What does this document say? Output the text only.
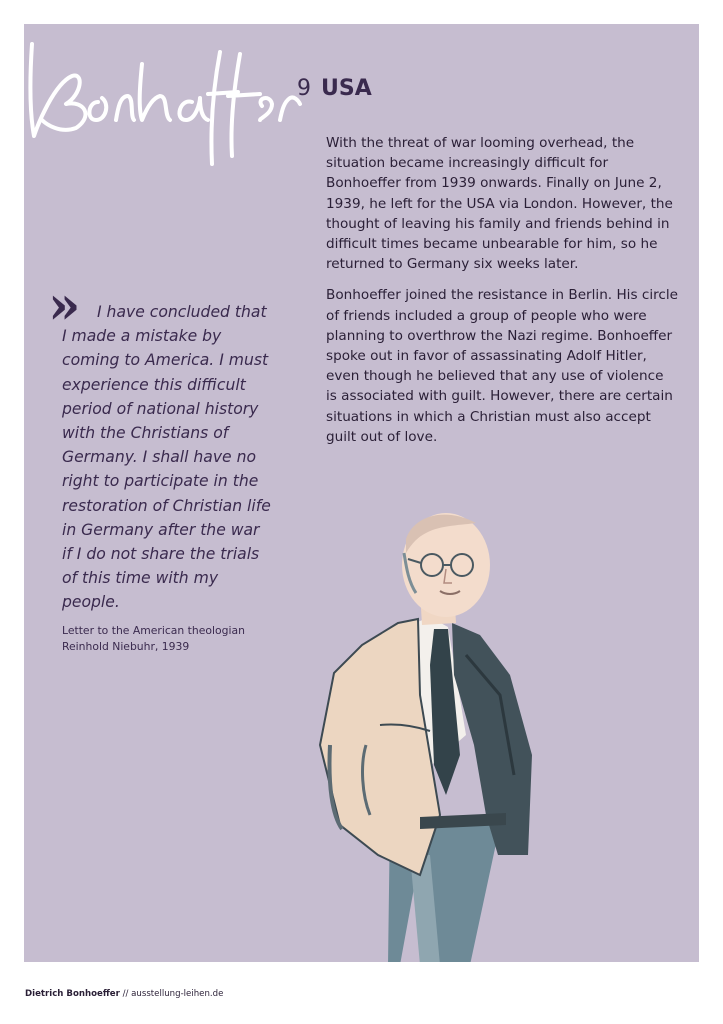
9 USA
»	I have concluded that I made a mistake by coming to America. I must experience this difficult period of national history with the Christians of Germany. I shall have no right to participate in the restoration of Christian life in Germany after the war if I do not share the trials of this time with my people.
Letter to the American theologian Reinhold Niebuhr, 1939

With the threat of war looming overhead, the situation became increasingly difficult for Bonhoeffer from 1939 onwards. Finally on June 2, 1939, he left for the USA via London. However, the thought of leaving his family and friends behind in difficult times became unbearable for him, so he returned to Germany six weeks later.

Bonhoeffer joined the resistance in Berlin. His circle of friends included a group of people who were planning to overthrow the Nazi regime. Bonhoeffer spoke out in favor of assassinating Adolf Hitler, even though he believed that any use of violence is associated with guilt. However, there are certain situations in which a Christian must also accept guilt out of love.

Dietrich Bonhoeffer // ausstellung-leihen.de
